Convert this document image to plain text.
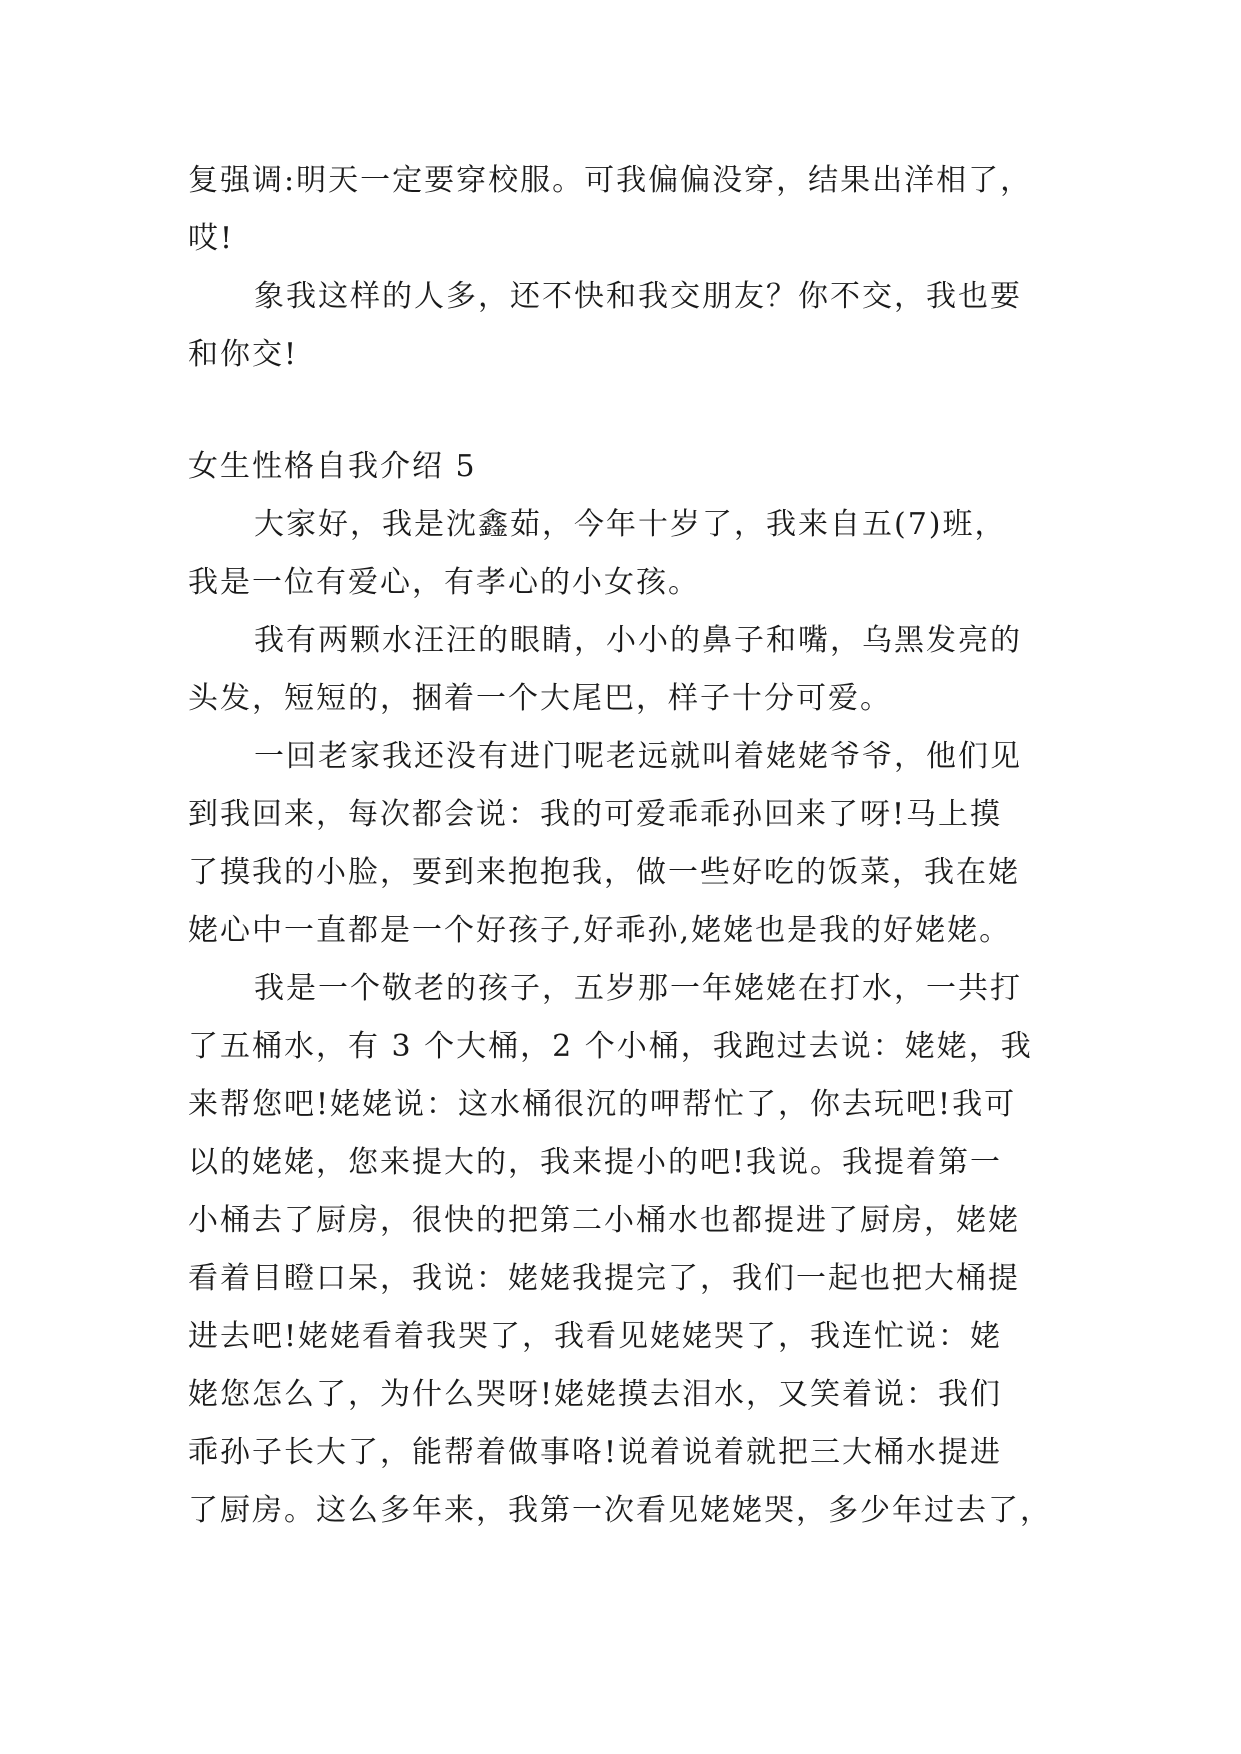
复强调:明天一定要穿校服。可我偏偏没穿，结果出洋相了，
哎!
象我这样的人多，还不快和我交朋友？你不交，我也要
和你交!
女生性格自我介绍 5
大家好，我是沈鑫茹，今年十岁了，我来自五(7)班，
我是一位有爱心，有孝心的小女孩。
我有两颗水汪汪的眼睛，小小的鼻子和嘴，乌黑发亮的
头发，短短的，捆着一个大尾巴，样子十分可爱。
一回老家我还没有进门呢老远就叫着姥姥爷爷，他们见
到我回来，每次都会说：我的可爱乖乖孙回来了呀!马上摸
了摸我的小脸，要到来抱抱我，做一些好吃的饭菜，我在姥
姥心中一直都是一个好孩子,好乖孙,姥姥也是我的好姥姥。
我是一个敬老的孩子，五岁那一年姥姥在打水，一共打
了五桶水，有 3 个大桶，2 个小桶，我跑过去说：姥姥，我
来帮您吧!姥姥说：这水桶很沉的呷帮忙了，你去玩吧!我可
以的姥姥，您来提大的，我来提小的吧!我说。我提着第一
小桶去了厨房，很快的把第二小桶水也都提进了厨房，姥姥
看着目瞪口呆，我说：姥姥我提完了，我们一起也把大桶提
进去吧!姥姥看着我哭了，我看见姥姥哭了，我连忙说：姥
姥您怎么了，为什么哭呀!姥姥摸去泪水，又笑着说：我们
乖孙子长大了，能帮着做事咯!说着说着就把三大桶水提进
了厨房。这么多年来，我第一次看见姥姥哭，多少年过去了，
